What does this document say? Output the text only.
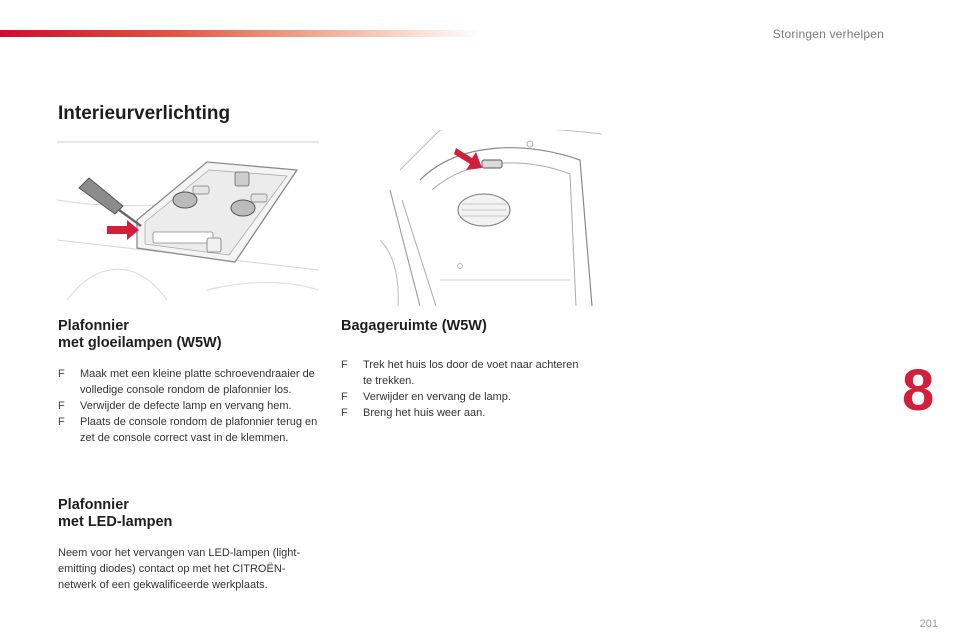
Storingen verhelpen
Interieurverlichting
Plafonnier
met gloeilampen (W5W)
F	Maak met een kleine platte schroevendraaier de volledige console rondom de plafonnier los.
F	Verwijder de defecte lamp en vervang hem.
F	Plaats de console rondom de plafonnier terug en zet de console correct vast in de klemmen.
Plafonnier
met LED-lampen

Neem voor het vervangen van LED-lampen (light-emitting diodes) contact op met het CITROËN-netwerk of een gekwalificeerde werkplaats.

Bagageruimte (W5W)
F	Trek het huis los door de voet naar achteren te trekken.
F	Verwijder en vervang de lamp.
F	Breng het huis weer aan.	8
201
